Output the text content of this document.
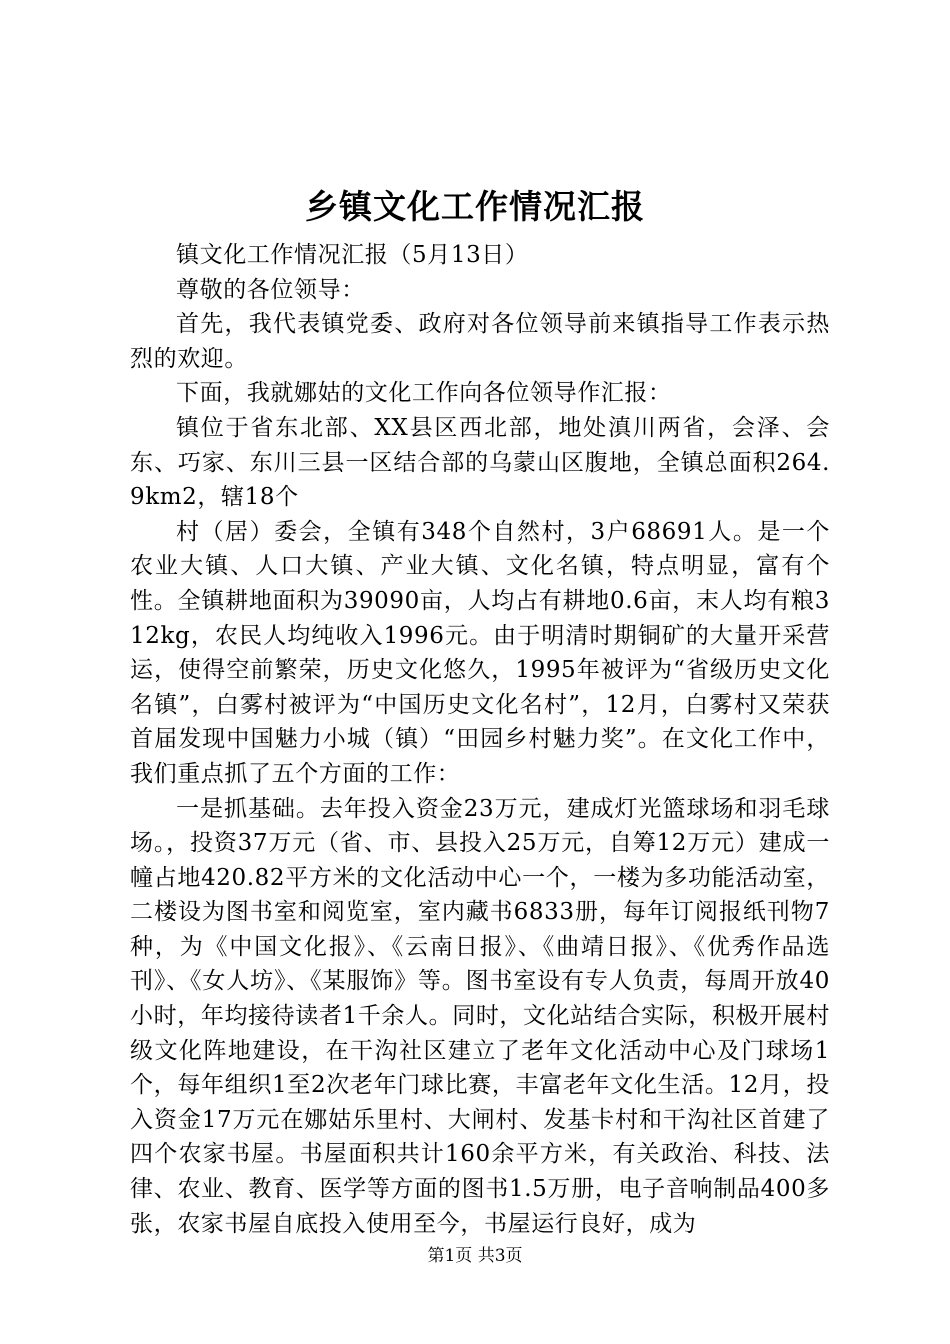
乡镇文化工作情况汇报

镇文化工作情况汇报（5月13日）

尊敬的各位领导：

首先，我代表镇党委、政府对各位领导前来镇指导工作表示热烈的欢迎。

下面，我就娜姑的文化工作向各位领导作汇报：

镇位于省东北部、XX县区西北部，地处滇川两省，会泽、会东、巧家、东川三县一区结合部的乌蒙山区腹地，全镇总面积264.9km2，辖18个

村（居）委会，全镇有348个自然村，3户68691人。是一个农业大镇、人口大镇、产业大镇、文化名镇，特点明显，富有个性。全镇耕地面积为39090亩，人均占有耕地0.6亩，末人均有粮312kg，农民人均纯收入1996元。由于明清时期铜矿的大量开采营运，使得空前繁荣，历史文化悠久，1995年被评为“省级历史文化名镇”，白雾村被评为“中国历史文化名村”，12月，白雾村又荣获首届发现中国魅力小城（镇）“田园乡村魅力奖”。在文化工作中，我们重点抓了五个方面的工作：

一是抓基础。去年投入资金23万元，建成灯光篮球场和羽毛球场。，投资37万元（省、市、县投入25万元，自筹12万元）建成一幢占地420.82平方米的文化活动中心一个，一楼为多功能活动室，二楼设为图书室和阅览室，室内藏书6833册，每年订阅报纸刊物7种，为《中国文化报》、《云南日报》、《曲靖日报》、《优秀作品选刊》、《女人坊》、《某服饰》等。图书室设有专人负责，每周开放40小时，年均接待读者1千余人。同时，文化站结合实际，积极开展村级文化阵地建设，在干沟社区建立了老年文化活动中心及门球场1个，每年组织1至2次老年门球比赛，丰富老年文化生活。12月，投入资金17万元在娜姑乐里村、大闸村、发基卡村和干沟社区首建了四个农家书屋。书屋面积共计160余平方米，有关政治、科技、法律、农业、教育、医学等方面的图书1.5万册，电子音响制品400多张，农家书屋自底投入使用至今，书屋运行良好，成为

第1页 共3页
